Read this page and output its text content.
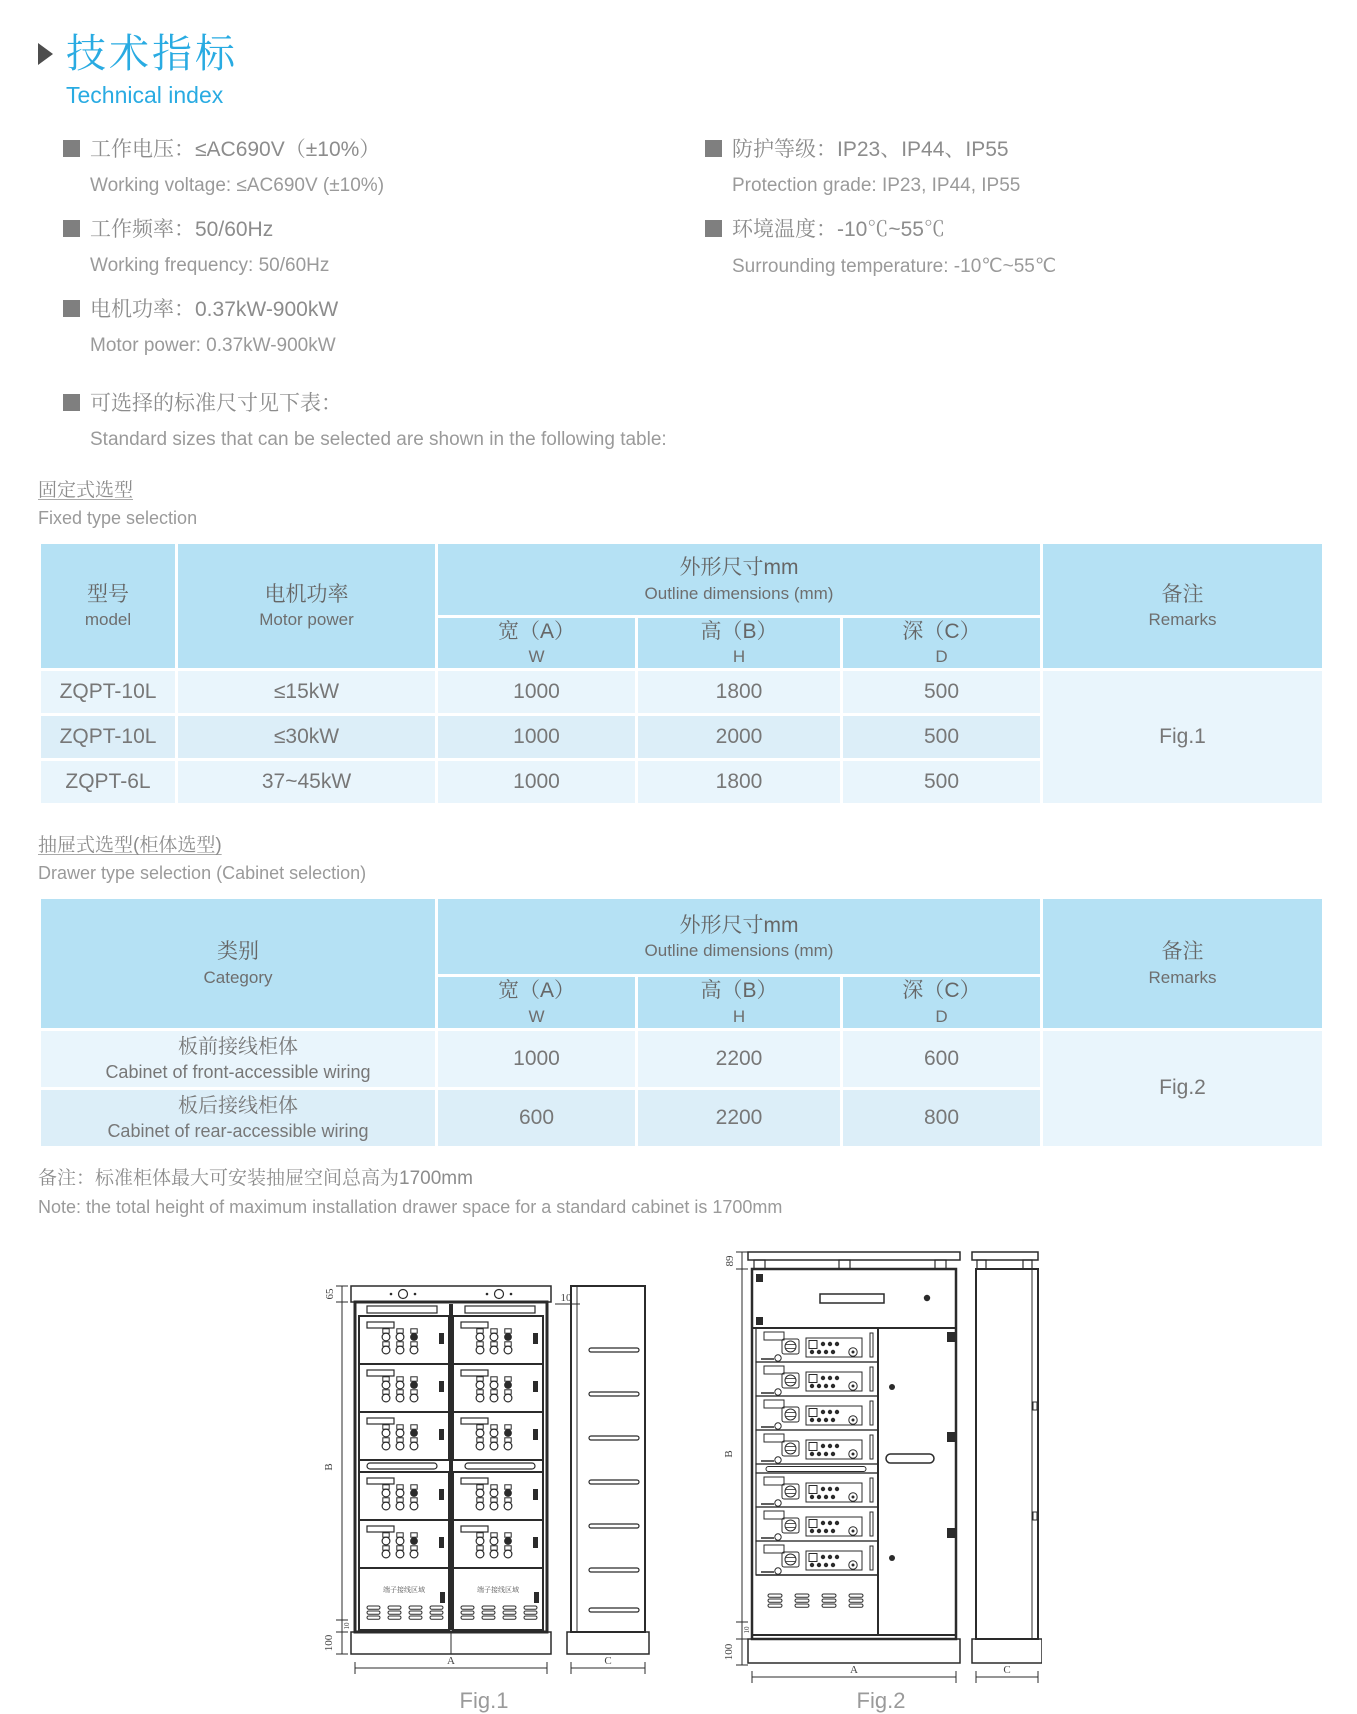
技术指标
Technical index
工作电压：≤AC690V（±10%）
Working voltage: ≤AC690V (±10%)
工作频率：50/60Hz
Working frequency: 50/60Hz
电机功率：0.37kW-900kW
Motor power: 0.37kW-900kW
防护等级：IP23、IP44、IP55
Protection grade: IP23, IP44, IP55
环境温度：-10℃~55℃
Surrounding temperature: -10℃~55℃
可选择的标准尺寸见下表：
Standard sizes that can be selected are shown in the following table:
固定式选型
Fixed type selection
型号
model

电机功率
Motor power

外形尺寸mm
Outline dimensions (mm)	备注
Remarks

宽（A）
W

高（B）
H

深（C）
D

ZQPT-10L	≤15kW	1000	1800	500	Fig.1
ZQPT-10L	≤30kW	1000	2000	500	
ZQPT-6L	37~45kW	1000	1800	500	
抽屉式选型(柜体选型)
Drawer type selection (Cabinet selection)
类别
Category

外形尺寸mm
Outline dimensions (mm)	备注
Remarks

宽（A）
W

高（B）
H

深（C）
D

板前接线柜体
Cabinet of front-accessible wiring	1000	2200	600	Fig.2

板后接线柜体
Cabinet of rear-accessible wiring	600	2200	800	
备注：标准柜体最大可安装抽屉空间总高为1700mm
Note: the total height of maximum installation drawer space for a standard cabinet is 1700mm
65
B
10
100
10
端子接线区域	端子接线区域
A	C
Fig.1
89
B
10
100
A	C
Fig.2
